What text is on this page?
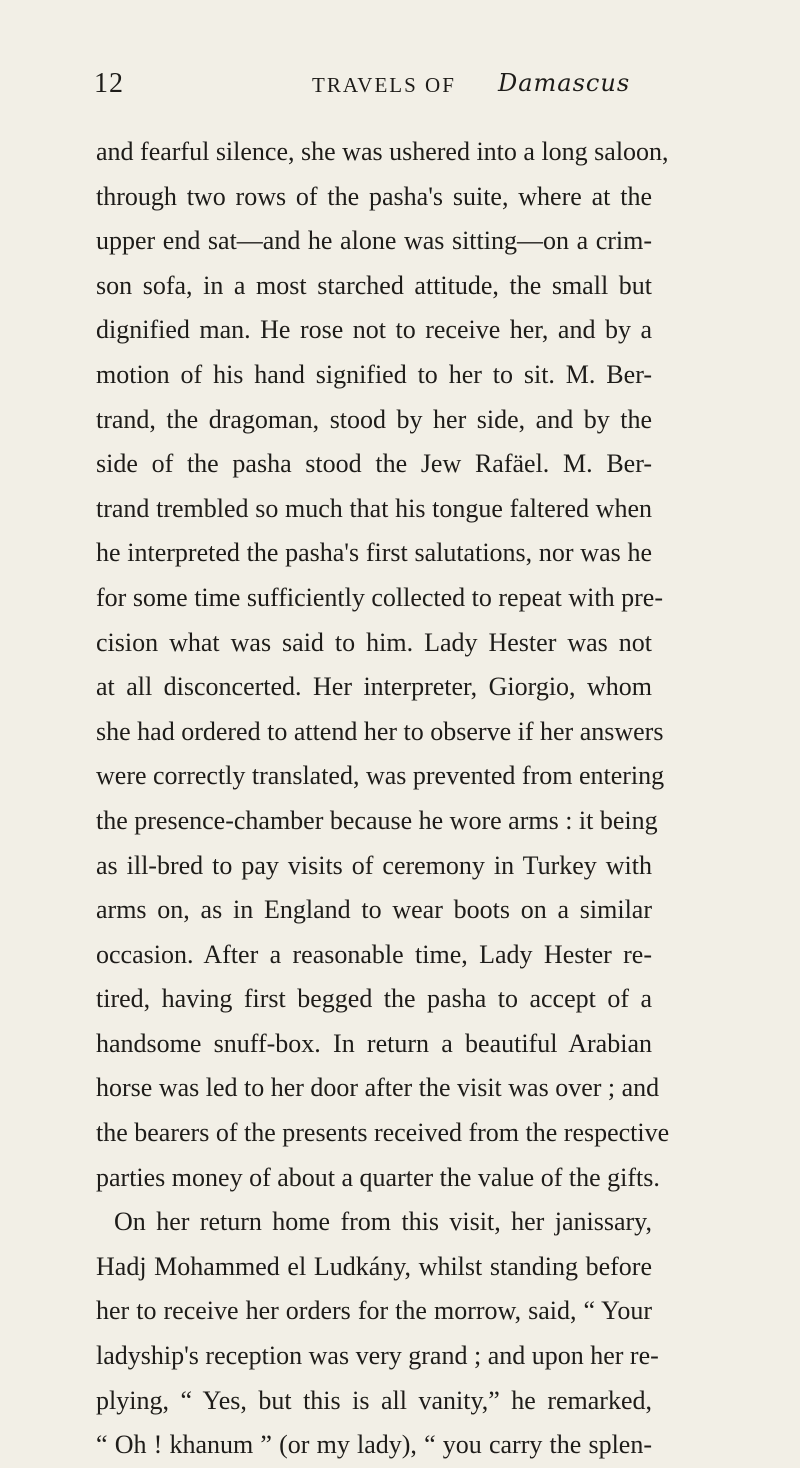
12	TRAVELS OF Damascus
and fearful silence, she was ushered into a long saloon,
through two rows of the pasha's suite, where at the
upper end sat—and he alone was sitting—on a crim-
son sofa, in a most starched attitude, the small but
dignified man. He rose not to receive her, and by a
motion of his hand signified to her to sit. M. Ber-
trand, the dragoman, stood by her side, and by the
side of the pasha stood the Jew Rafäel. M. Ber-
trand trembled so much that his tongue faltered when
he interpreted the pasha's first salutations, nor was he
for some time sufficiently collected to repeat with pre-
cision what was said to him. Lady Hester was not
at all disconcerted. Her interpreter, Giorgio, whom
she had ordered to attend her to observe if her answers
were correctly translated, was prevented from entering
the presence-chamber because he wore arms : it being
as ill-bred to pay visits of ceremony in Turkey with
arms on, as in England to wear boots on a similar
occasion. After a reasonable time, Lady Hester re-
tired, having first begged the pasha to accept of a
handsome snuff-box. In return a beautiful Arabian
horse was led to her door after the visit was over ; and
the bearers of the presents received from the respective
parties money of about a quarter the value of the gifts.
On her return home from this visit, her janissary,
Hadj Mohammed el Ludkány, whilst standing before
her to receive her orders for the morrow, said, “ Your
ladyship's reception was very grand ; and upon her re-
plying, “ Yes, but this is all vanity,” he remarked,
“ Oh ! khanum ” (or my lady), “ you carry the splen-
